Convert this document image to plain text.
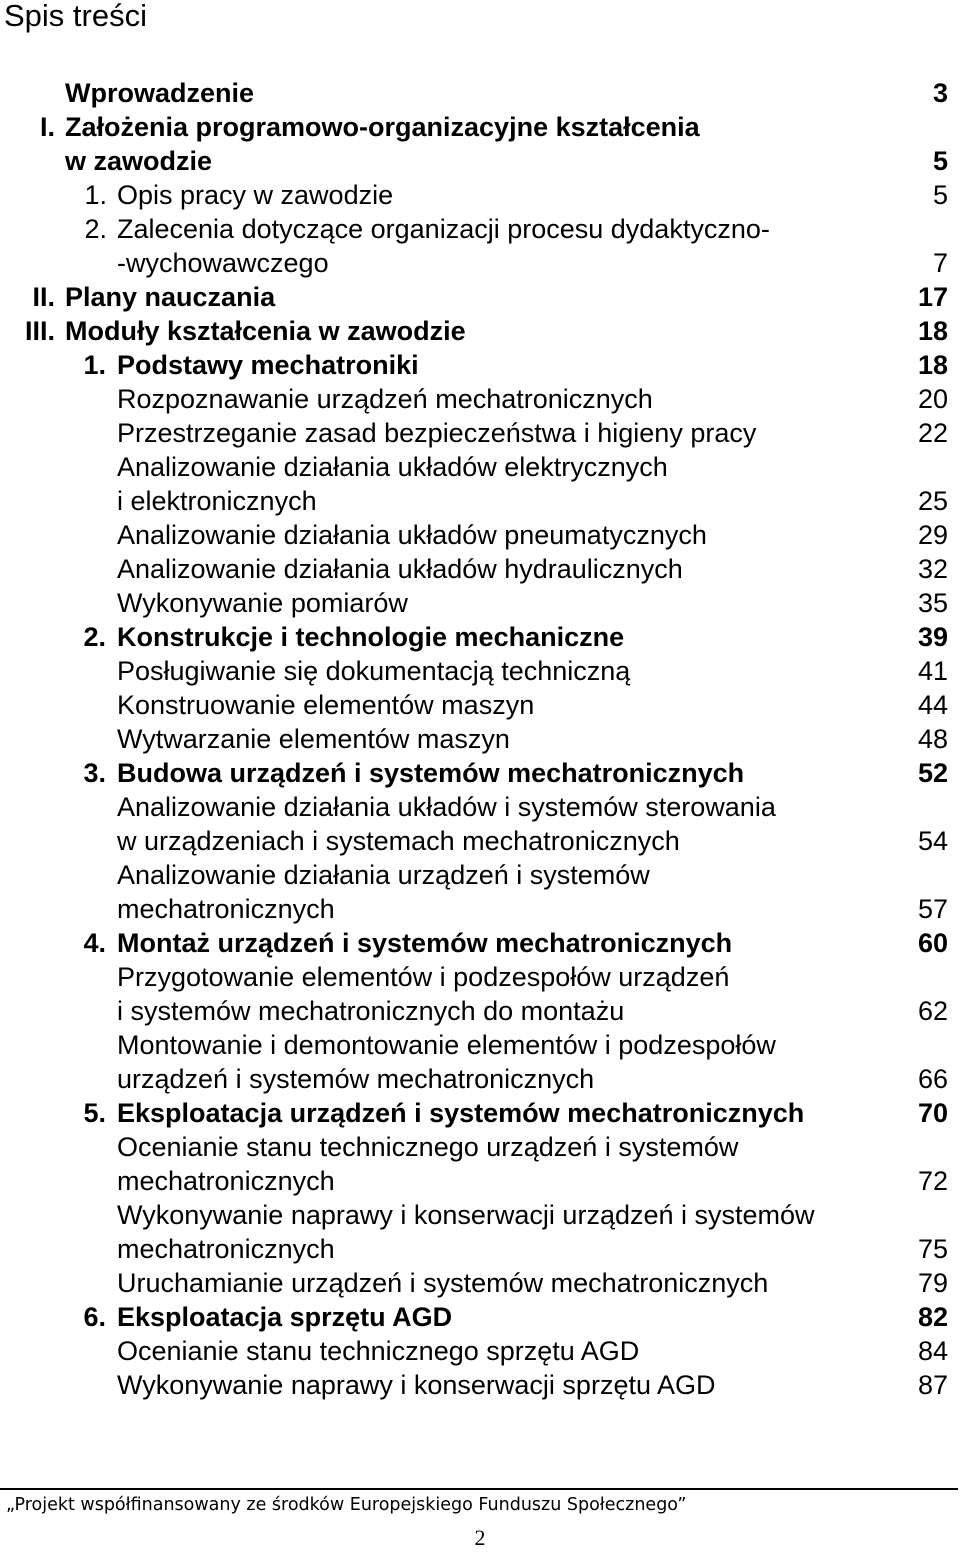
Spis treści
Wprowadzenie	3
I. Założenia programowo-organizacyjne kształcenia
w zawodzie	5
1. Opis pracy w zawodzie	5
2. Zalecenia dotyczące organizacji procesu dydaktyczno-
-wychowawczego	7
II. Plany nauczania	17
III. Moduły kształcenia w zawodzie	18
1. Podstawy mechatroniki	18
Rozpoznawanie urządzeń mechatronicznych	20
Przestrzeganie zasad bezpieczeństwa i higieny pracy	22
Analizowanie działania układów elektrycznych
i elektronicznych	25
Analizowanie działania układów pneumatycznych	29
Analizowanie działania układów hydraulicznych	32
Wykonywanie pomiarów	35
2. Konstrukcje i technologie mechaniczne	39
Posługiwanie się dokumentacją techniczną	41
Konstruowanie elementów maszyn	44
Wytwarzanie elementów maszyn	48
3. Budowa urządzeń i systemów mechatronicznych	52
Analizowanie działania układów i systemów sterowania
w urządzeniach i systemach mechatronicznych	54
Analizowanie działania urządzeń i systemów
mechatronicznych	57
4. Montaż urządzeń i systemów mechatronicznych	60
Przygotowanie elementów i podzespołów urządzeń
i systemów mechatronicznych do montażu	62
Montowanie i demontowanie elementów i podzespołów
urządzeń i systemów mechatronicznych	66
5. Eksploatacja urządzeń i systemów mechatronicznych	70
Ocenianie stanu technicznego urządzeń i systemów
mechatronicznych	72
Wykonywanie naprawy i konserwacji urządzeń i systemów
mechatronicznych	75
Uruchamianie urządzeń i systemów mechatronicznych	79
6. Eksploatacja sprzętu AGD	82
Ocenianie stanu technicznego sprzętu AGD	84
Wykonywanie naprawy i konserwacji sprzętu AGD	87
„Projekt współfinansowany ze środków Europejskiego Funduszu Społecznego”
2
